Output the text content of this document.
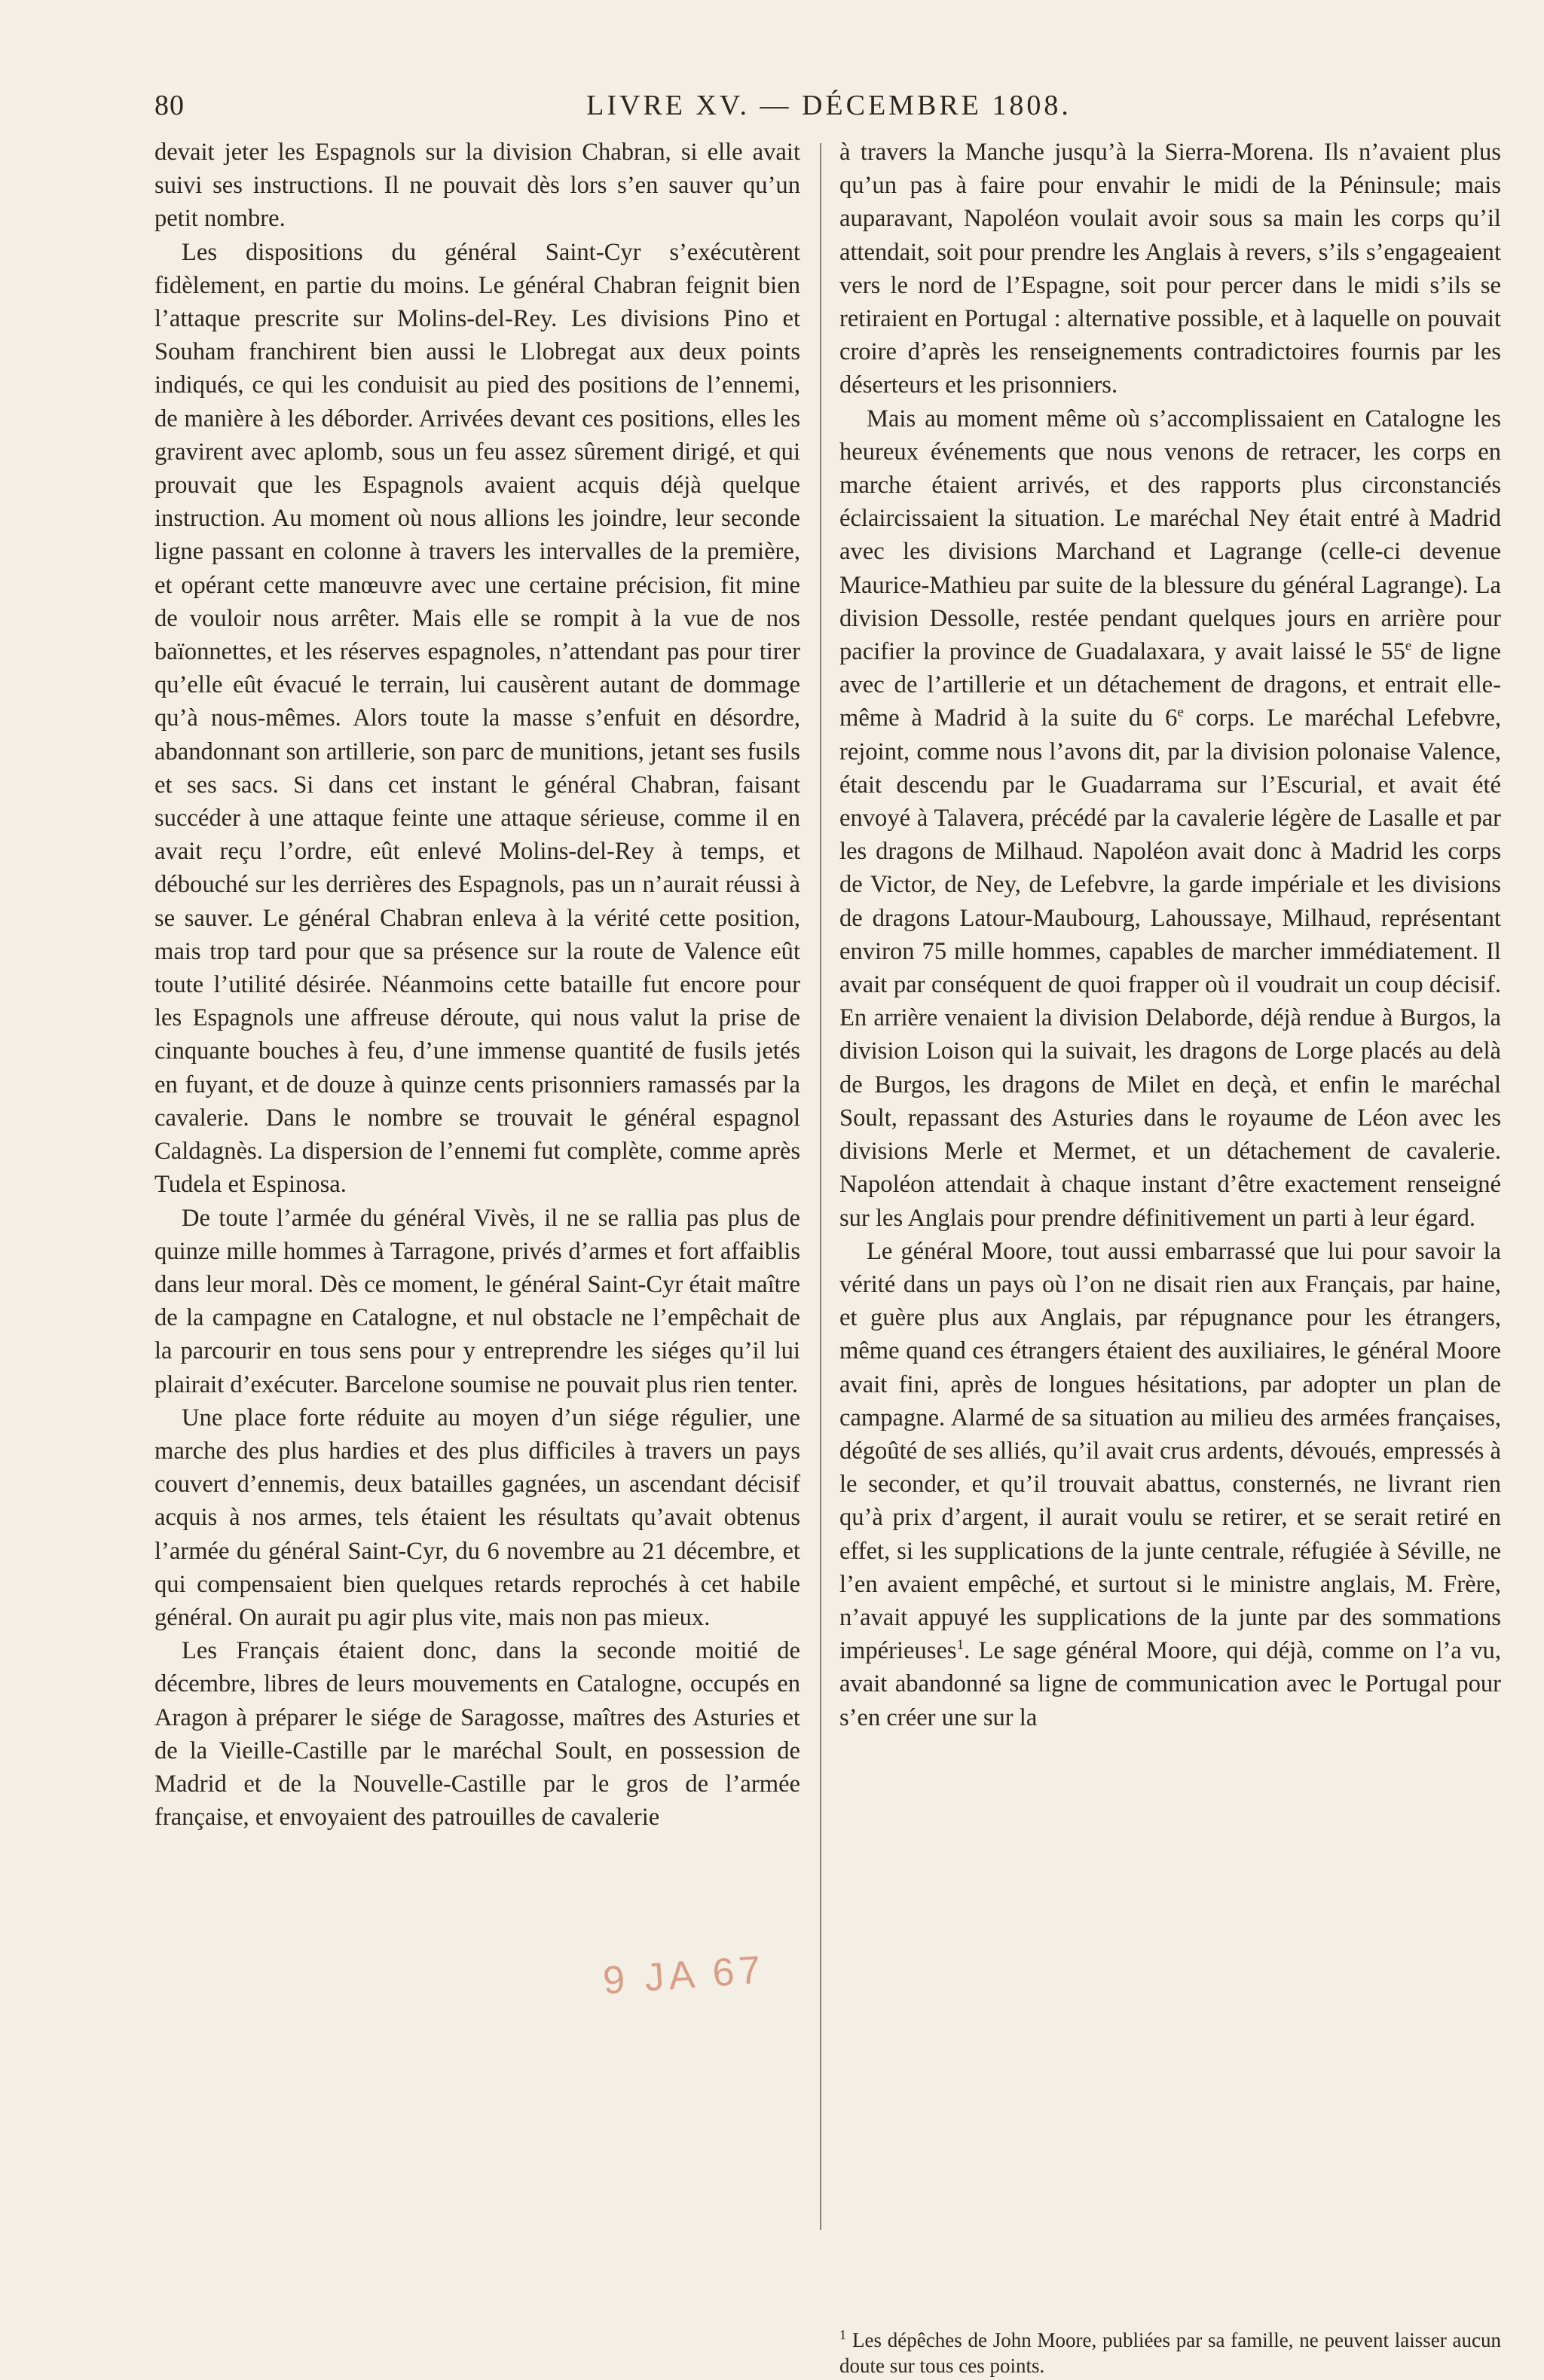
80	LIVRE XV. — DÉCEMBRE 1808.

devait jeter les Espagnols sur la division Chabran, si elle avait suivi ses instructions. Il ne pouvait dès lors s’en sauver qu’un petit nombre.

Les dispositions du général Saint-Cyr s’exécutèrent fidèlement, en partie du moins. Le général Chabran feignit bien l’attaque prescrite sur Molins-del-Rey. Les divisions Pino et Souham franchirent bien aussi le Llobregat aux deux points indiqués, ce qui les conduisit au pied des positions de l’ennemi, de manière à les déborder. Arrivées devant ces positions, elles les gravirent avec aplomb, sous un feu assez sûrement dirigé, et qui prouvait que les Espagnols avaient acquis déjà quelque instruction. Au moment où nous allions les joindre, leur seconde ligne passant en colonne à travers les intervalles de la première, et opérant cette manœuvre avec une certaine précision, fit mine de vouloir nous arrêter. Mais elle se rompit à la vue de nos baïonnettes, et les réserves espagnoles, n’attendant pas pour tirer qu’elle eût évacué le terrain, lui causèrent autant de dommage qu’à nous-mêmes. Alors toute la masse s’enfuit en désordre, abandonnant son artillerie, son parc de munitions, jetant ses fusils et ses sacs. Si dans cet instant le général Chabran, faisant succéder à une attaque feinte une attaque sérieuse, comme il en avait reçu l’ordre, eût enlevé Molins-del-Rey à temps, et débouché sur les derrières des Espagnols, pas un n’aurait réussi à se sauver. Le général Chabran enleva à la vérité cette position, mais trop tard pour que sa présence sur la route de Valence eût toute l’utilité désirée. Néanmoins cette bataille fut encore pour les Espagnols une affreuse déroute, qui nous valut la prise de cinquante bouches à feu, d’une immense quantité de fusils jetés en fuyant, et de douze à quinze cents prisonniers ramassés par la cavalerie. Dans le nombre se trouvait le général espagnol Caldagnès. La dispersion de l’ennemi fut complète, comme après Tudela et Espinosa.

De toute l’armée du général Vivès, il ne se rallia pas plus de quinze mille hommes à Tarragone, privés d’armes et fort affaiblis dans leur moral. Dès ce moment, le général Saint-Cyr était maître de la campagne en Catalogne, et nul obstacle ne l’empêchait de la parcourir en tous sens pour y entreprendre les siéges qu’il lui plairait d’exécuter. Barcelone soumise ne pouvait plus rien tenter.

Une place forte réduite au moyen d’un siége régulier, une marche des plus hardies et des plus difficiles à travers un pays couvert d’ennemis, deux batailles gagnées, un ascendant décisif acquis à nos armes, tels étaient les résultats qu’avait obtenus l’armée du général Saint-Cyr, du 6 novembre au 21 décembre, et qui compensaient bien quelques retards reprochés à cet habile général. On aurait pu agir plus vite, mais non pas mieux.

Les Français étaient donc, dans la seconde moitié de décembre, libres de leurs mouvements en Catalogne, occupés en Aragon à préparer le siége de Saragosse, maîtres des Asturies et de la Vieille-Castille par le maréchal Soult, en possession de Madrid et de la Nouvelle-Castille par le gros de l’armée française, et envoyaient des patrouilles de cavalerie

à travers la Manche jusqu’à la Sierra-Morena. Ils n’avaient plus qu’un pas à faire pour envahir le midi de la Péninsule; mais auparavant, Napoléon voulait avoir sous sa main les corps qu’il attendait, soit pour prendre les Anglais à revers, s’ils s’engageaient vers le nord de l’Espagne, soit pour percer dans le midi s’ils se retiraient en Portugal : alternative possible, et à laquelle on pouvait croire d’après les renseignements contradictoires fournis par les déserteurs et les prisonniers.

Mais au moment même où s’accomplissaient en Catalogne les heureux événements que nous venons de retracer, les corps en marche étaient arrivés, et des rapports plus circonstanciés éclaircissaient la situation. Le maréchal Ney était entré à Madrid avec les divisions Marchand et Lagrange (celle-ci devenue Maurice-Mathieu par suite de la blessure du général Lagrange). La division Dessolle, restée pendant quelques jours en arrière pour pacifier la province de Guadalaxara, y avait laissé le 55e de ligne avec de l’artillerie et un détachement de dragons, et entrait elle-même à Madrid à la suite du 6e corps. Le maréchal Lefebvre, rejoint, comme nous l’avons dit, par la division polonaise Valence, était descendu par le Guadarrama sur l’Escurial, et avait été envoyé à Talavera, précédé par la cavalerie légère de Lasalle et par les dragons de Milhaud. Napoléon avait donc à Madrid les corps de Victor, de Ney, de Lefebvre, la garde impériale et les divisions de dragons Latour-Maubourg, Lahoussaye, Milhaud, représentant environ 75 mille hommes, capables de marcher immédiatement. Il avait par conséquent de quoi frapper où il voudrait un coup décisif. En arrière venaient la division Delaborde, déjà rendue à Burgos, la division Loison qui la suivait, les dragons de Lorge placés au delà de Burgos, les dragons de Milet en deçà, et enfin le maréchal Soult, repassant des Asturies dans le royaume de Léon avec les divisions Merle et Mermet, et un détachement de cavalerie. Napoléon attendait à chaque instant d’être exactement renseigné sur les Anglais pour prendre définitivement un parti à leur égard.

Le général Moore, tout aussi embarrassé que lui pour savoir la vérité dans un pays où l’on ne disait rien aux Français, par haine, et guère plus aux Anglais, par répugnance pour les étrangers, même quand ces étrangers étaient des auxiliaires, le général Moore avait fini, après de longues hésitations, par adopter un plan de campagne. Alarmé de sa situation au milieu des armées françaises, dégoûté de ses alliés, qu’il avait crus ardents, dévoués, empressés à le seconder, et qu’il trouvait abattus, consternés, ne livrant rien qu’à prix d’argent, il aurait voulu se retirer, et se serait retiré en effet, si les supplications de la junte centrale, réfugiée à Séville, ne l’en avaient empêché, et surtout si le ministre anglais, M. Frère, n’avait appuyé les supplications de la junte par des sommations impérieuses$^1$. Le sage général Moore, qui déjà, comme on l’a vu, avait abandonné sa ligne de communication avec le Portugal pour s’en créer une sur la

$^1$ Les dépêches de John Moore, publiées par sa famille, ne peuvent laisser aucun doute sur tous ces points.
9 JA 67
